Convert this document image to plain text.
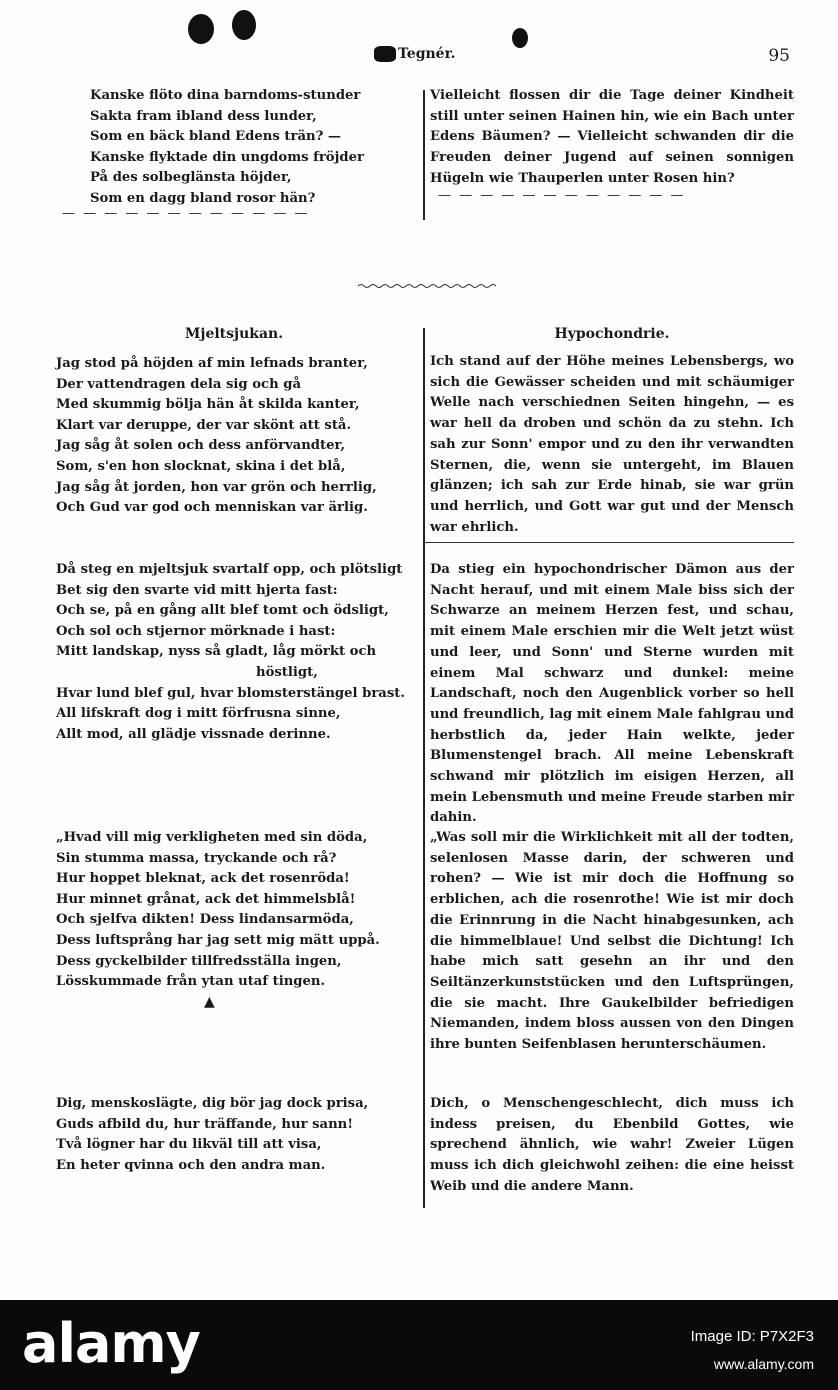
Tegnér.	95
Kanske flöto dina barndoms-stunder
Sakta fram ibland dess lunder,
Som en bäck bland Edens trän? —
Kanske flyktade din ungdoms fröjder
På des solbeglänsta höjder,
Som en dagg bland rosor hän?

Vielleicht flossen dir die Tage deiner Kindheit still unter seinen Hainen hin, wie ein Bach unter Edens Bäumen? — Vielleicht schwanden dir die Freuden deiner Jugend auf seinen sonnigen Hügeln wie Thauperlen unter Rosen hin?

— — — — — — — — — — — —
— — — — — — — — — — — —
Mjeltsjukan.	Hypochondrie.
Jag stod på höjden af min lefnads branter,
Der vattendragen dela sig och gå
Med skummig bölja hän åt skilda kanter,
Klart var deruppe, der var skönt att stå.
Jag såg åt solen och dess anförvandter,
Som, s'en hon slocknat, skina i det blå,
Jag såg åt jorden, hon var grön och herrlig,
Och Gud var god och menniskan var ärlig.

Ich stand auf der Höhe meines Lebensbergs, wo sich die Gewässer scheiden und mit schäumiger Welle nach verschiednen Seiten hingehn, — es war hell da droben und schön da zu stehn. Ich sah zur Sonn' empor und zu den ihr verwandten Sternen, die, wenn sie untergeht, im Blauen glänzen; ich sah zur Erde hinab, sie war grün und herrlich, und Gott war gut und der Mensch war ehrlich.

Då steg en mjeltsjuk svartalf opp, och plötsligt
Bet sig den svarte vid mitt hjerta fast:
Och se, på en gång allt blef tomt och ödsligt,
Och sol och stjernor mörknade i hast:
Mitt landskap, nyss så gladt, låg mörkt och
höstligt,
Hvar lund blef gul, hvar blomsterstängel brast.
All lifskraft dog i mitt förfrusna sinne,
Allt mod, all glädje vissnade derinne.

Da stieg ein hypochondrischer Dämon aus der Nacht herauf, und mit einem Male biss sich der Schwarze an meinem Herzen fest, und schau, mit einem Male erschien mir die Welt jetzt wüst und leer, und Sonn' und Sterne wurden mit einem Mal schwarz und dunkel: meine Landschaft, noch den Augenblick vorber so hell und freundlich, lag mit einem Male fahlgrau und herbstlich da, jeder Hain welkte, jeder Blumenstengel brach. All meine Lebenskraft schwand mir plötzlich im eisigen Herzen, all mein Lebensmuth und meine Freude starben mir dahin.

„Hvad vill mig verkligheten med sin döda,
Sin stumma massa, tryckande och rå?
Hur hoppet bleknat, ack det rosenröda!
Hur minnet grånat, ack det himmelsblå!
Och sjelfva dikten! Dess lindansarmöda,
Dess luftsprång har jag sett mig mätt uppå.
Dess gyckelbilder tillfredsställa ingen,
Lösskummade från ytan utaf tingen.
▲

„Was soll mir die Wirklichkeit mit all der todten, selenlosen Masse darin, der schweren und rohen? — Wie ist mir doch die Hoffnung so erblichen, ach die rosenrothe! Wie ist mir doch die Erinnrung in die Nacht hinabgesunken, ach die himmelblaue! Und selbst die Dichtung! Ich habe mich satt gesehn an ihr und den Seiltänzerkunststücken und den Luftsprüngen, die sie macht. Ihre Gaukelbilder befriedigen Niemanden, indem bloss aussen von den Dingen ihre bunten Seifenblasen herunterschäumen.

Dig, menskoslägte, dig bör jag dock prisa,
Guds afbild du, hur träffande, hur sann!
Två lögner har du likväl till att visa,
En heter qvinna och den andra man.

Dich, o Menschengeschlecht, dich muss ich indess preisen, du Ebenbild Gottes, wie sprechend ähnlich, wie wahr! Zweier Lügen muss ich dich gleichwohl zeihen: die eine heisst Weib und die andere Mann.

alamy	Image ID: P7X2F3
www.alamy.com
